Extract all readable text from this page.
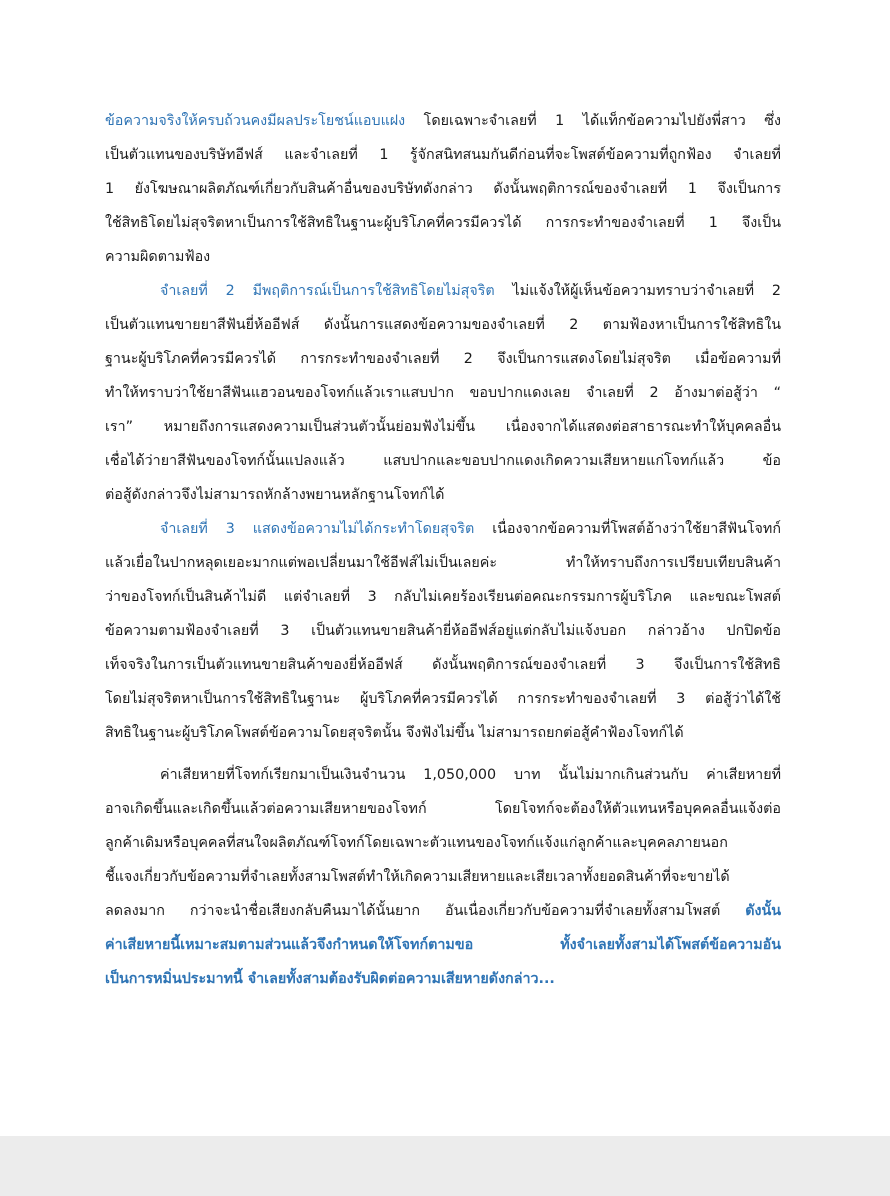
ข้อความจริงให้ครบถ้วนคงมีผลประโยชน์แอบแฝง โดยเฉพาะจำเลยที่ 1 ได้แท็กข้อความไปยังพี่สาว ซึ่ง
เป็นตัวแทนของบริษัทอีฟส์ และจำเลยที่ 1 รู้จักสนิทสนมกันดีก่อนที่จะโพสต์ข้อความที่ถูกฟ้อง จำเลยที่
1 ยังโฆษณาผลิตภัณฑ์เกี่ยวกับสินค้าอื่นของบริษัทดังกล่าว ดังนั้นพฤติการณ์ของจำเลยที่ 1 จึงเป็นการ
ใช้สิทธิโดยไม่สุจริตหาเป็นการใช้สิทธิในฐานะผู้บริโภคที่ควรมีควรได้ การกระทำของจำเลยที่ 1 จึงเป็น
ความผิดตามฟ้อง
จำเลยที่ 2 มีพฤติการณ์เป็นการใช้สิทธิโดยไม่สุจริต ไม่แจ้งให้ผู้เห็นข้อความทราบว่าจำเลยที่ 2
เป็นตัวแทนขายยาสีฟันยี่ห้ออีฟส์ ดังนั้นการแสดงข้อความของจำเลยที่ 2 ตามฟ้องหาเป็นการใช้สิทธิใน
ฐานะผู้บริโภคที่ควรมีควรได้ การกระทำของจำเลยที่ 2 จึงเป็นการแสดงโดยไม่สุจริต เมื่อข้อความที่
ทำให้ทราบว่าใช้ยาสีฟันแฮวอนของโจทก์แล้วเราแสบปาก ขอบปากแดงเลย จำเลยที่ 2 อ้างมาต่อสู้ว่า “
เรา” หมายถึงการแสดงความเป็นส่วนตัวนั้นย่อมฟังไม่ขึ้น เนื่องจากได้แสดงต่อสาธารณะทำให้บุคคลอื่น
เชื่อได้ว่ายาสีฟันของโจทก์นั้นแปลงแล้ว แสบปากและขอบปากแดงเกิดความเสียหายแก่โจทก์แล้ว ข้อ
ต่อสู้ดังกล่าวจึงไม่สามารถหักล้างพยานหลักฐานโจทก์ได้
จำเลยที่ 3 แสดงข้อความไม่ได้กระทำโดยสุจริต เนื่องจากข้อความที่โพสต์อ้างว่าใช้ยาสีฟันโจทก์
แล้วเยื่อในปากหลุดเยอะมากแต่พอเปลี่ยนมาใช้อีฟส์ไม่เป็นเลยค่ะ ทำให้ทราบถึงการเปรียบเทียบสินค้า
ว่าของโจทก์เป็นสินค้าไม่ดี แต่จำเลยที่ 3 กลับไม่เคยร้องเรียนต่อคณะกรรมการผู้บริโภค และขณะโพสต์
ข้อความตามฟ้องจำเลยที่ 3 เป็นตัวแทนขายสินค้ายี่ห้ออีฟส์อยู่แต่กลับไม่แจ้งบอก กล่าวอ้าง ปกปิดข้อ
เท็จจริงในการเป็นตัวแทนขายสินค้าของยี่ห้ออีฟส์ ดังนั้นพฤติการณ์ของจำเลยที่ 3 จึงเป็นการใช้สิทธิ
โดยไม่สุจริตหาเป็นการใช้สิทธิในฐานะ ผู้บริโภคที่ควรมีควรได้ การกระทำของจำเลยที่ 3 ต่อสู้ว่าได้ใช้
สิทธิในฐานะผู้บริโภคโพสต์ข้อความโดยสุจริตนั้น จึงฟังไม่ขึ้น ไม่สามารถยกต่อสู้คำฟ้องโจทก์ได้
ค่าเสียหายที่โจทก์เรียกมาเป็นเงินจำนวน 1,050,000 บาท นั้นไม่มากเกินส่วนกับ ค่าเสียหายที่
อาจเกิดขึ้นและเกิดขึ้นแล้วต่อความเสียหายของโจทก์ โดยโจทก์จะต้องให้ตัวแทนหรือบุคคลอื่นแจ้งต่อ
ลูกค้าเดิมหรือบุคคลที่สนใจผลิตภัณฑ์โจทก์โดยเฉพาะตัวแทนของโจทก์แจ้งแก่ลูกค้าและบุคคลภายนอก
ชี้แจงเกี่ยวกับข้อความที่จำเลยทั้งสามโพสต์ทำให้เกิดความเสียหายและเสียเวลาทั้งยอดสินค้าที่จะขายได้
ลดลงมาก กว่าจะนำชื่อเสียงกลับคืนมาได้นั้นยาก อันเนื่องเกี่ยวกับข้อความที่จำเลยทั้งสามโพสต์ ดังนั้น
ค่าเสียหายนี้เหมาะสมตามส่วนแล้วจึงกำหนดให้โจทก์ตามขอ ทั้งจำเลยทั้งสามได้โพสต์ข้อความอัน
เป็นการหมิ่นประมาทนี้ จำเลยทั้งสามต้องรับผิดต่อความเสียหายดังกล่าว...
